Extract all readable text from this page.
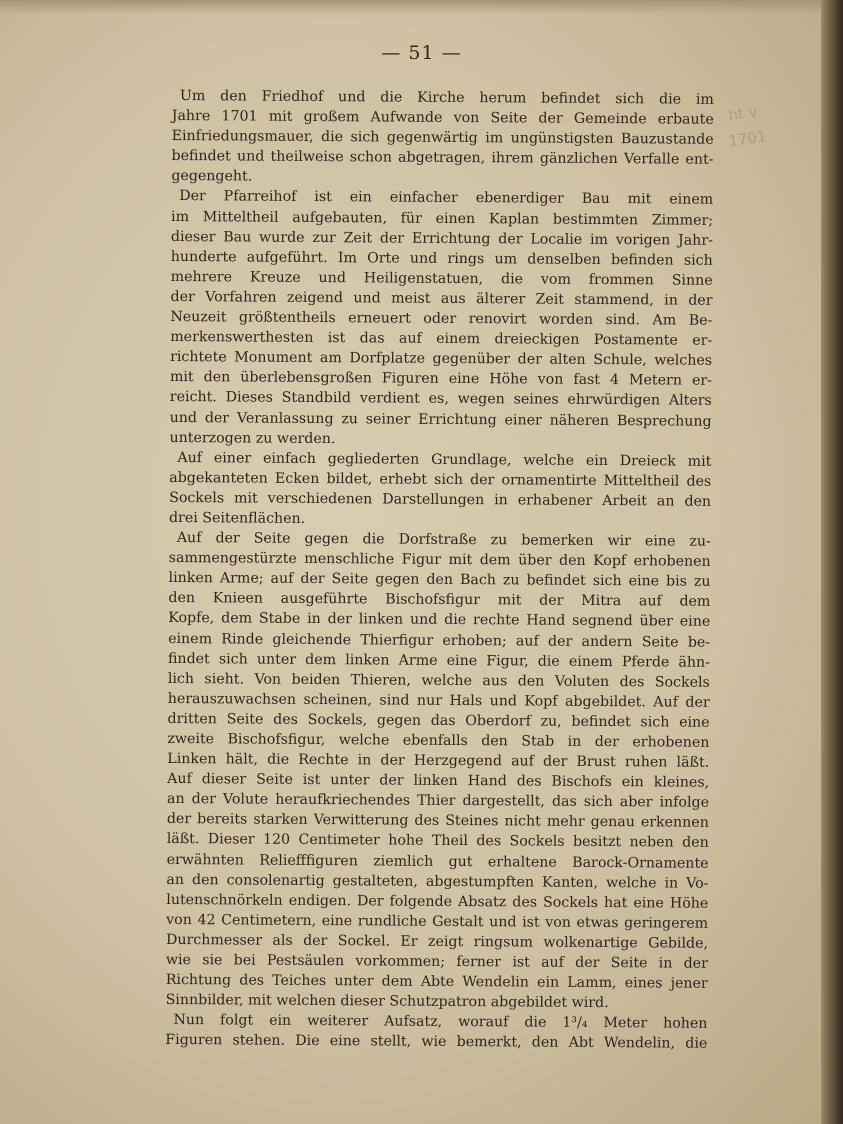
— 51 —
Um den Friedhof und die Kirche herum befindet sich die im
Jahre 1701 mit großem Aufwande von Seite der Gemeinde erbaute
Einfriedungsmauer, die sich gegenwärtig im ungünstigsten Bauzustande
befindet und theilweise schon abgetragen, ihrem gänzlichen Verfalle ent-
gegengeht.
Der Pfarreihof ist ein einfacher ebenerdiger Bau mit einem
im Mitteltheil aufgebauten, für einen Kaplan bestimmten Zimmer;
dieser Bau wurde zur Zeit der Errichtung der Localie im vorigen Jahr-
hunderte aufgeführt. Im Orte und rings um denselben befinden sich
mehrere Kreuze und Heiligenstatuen, die vom frommen Sinne
der Vorfahren zeigend und meist aus älterer Zeit stammend, in der
Neuzeit größtentheils erneuert oder renovirt worden sind. Am Be-
merkenswerthesten ist das auf einem dreieckigen Postamente er-
richtete Monument am Dorfplatze gegenüber der alten Schule, welches
mit den überlebensgroßen Figuren eine Höhe von fast 4 Metern er-
reicht. Dieses Standbild verdient es, wegen seines ehrwürdigen Alters
und der Veranlassung zu seiner Errichtung einer näheren Besprechung
unterzogen zu werden.
Auf einer einfach gegliederten Grundlage, welche ein Dreieck mit
abgekanteten Ecken bildet, erhebt sich der ornamentirte Mitteltheil des
Sockels mit verschiedenen Darstellungen in erhabener Arbeit an den
drei Seitenflächen.
Auf der Seite gegen die Dorfstraße zu bemerken wir eine zu-
sammengestürzte menschliche Figur mit dem über den Kopf erhobenen
linken Arme; auf der Seite gegen den Bach zu befindet sich eine bis zu
den Knieen ausgeführte Bischofsfigur mit der Mitra auf dem
Kopfe, dem Stabe in der linken und die rechte Hand segnend über eine
einem Rinde gleichende Thierfigur erhoben; auf der andern Seite be-
findet sich unter dem linken Arme eine Figur, die einem Pferde ähn-
lich sieht. Von beiden Thieren, welche aus den Voluten des Sockels
herauszuwachsen scheinen, sind nur Hals und Kopf abgebildet. Auf der
dritten Seite des Sockels, gegen das Oberdorf zu, befindet sich eine
zweite Bischofsfigur, welche ebenfalls den Stab in der erhobenen
Linken hält, die Rechte in der Herzgegend auf der Brust ruhen läßt.
Auf dieser Seite ist unter der linken Hand des Bischofs ein kleines,
an der Volute heraufkriechendes Thier dargestellt, das sich aber infolge
der bereits starken Verwitterung des Steines nicht mehr genau erkennen
läßt. Dieser 120 Centimeter hohe Theil des Sockels besitzt neben den
erwähnten Reliefffiguren ziemlich gut erhaltene Barock-Ornamente
an den consolenartig gestalteten, abgestumpften Kanten, welche in Vo-
lutenschnörkeln endigen. Der folgende Absatz des Sockels hat eine Höhe
von 42 Centimetern, eine rundliche Gestalt und ist von etwas geringerem
Durchmesser als der Sockel. Er zeigt ringsum wolkenartige Gebilde,
wie sie bei Pestsäulen vorkommen; ferner ist auf der Seite in der
Richtung des Teiches unter dem Abte Wendelin ein Lamm, eines jener
Sinnbilder, mit welchen dieser Schutzpatron abgebildet wird.
Nun folgt ein weiterer Aufsatz, worauf die 1³/₄ Meter hohen
Figuren stehen. Die eine stellt, wie bemerkt, den Abt Wendelin, die
ht v
1701
